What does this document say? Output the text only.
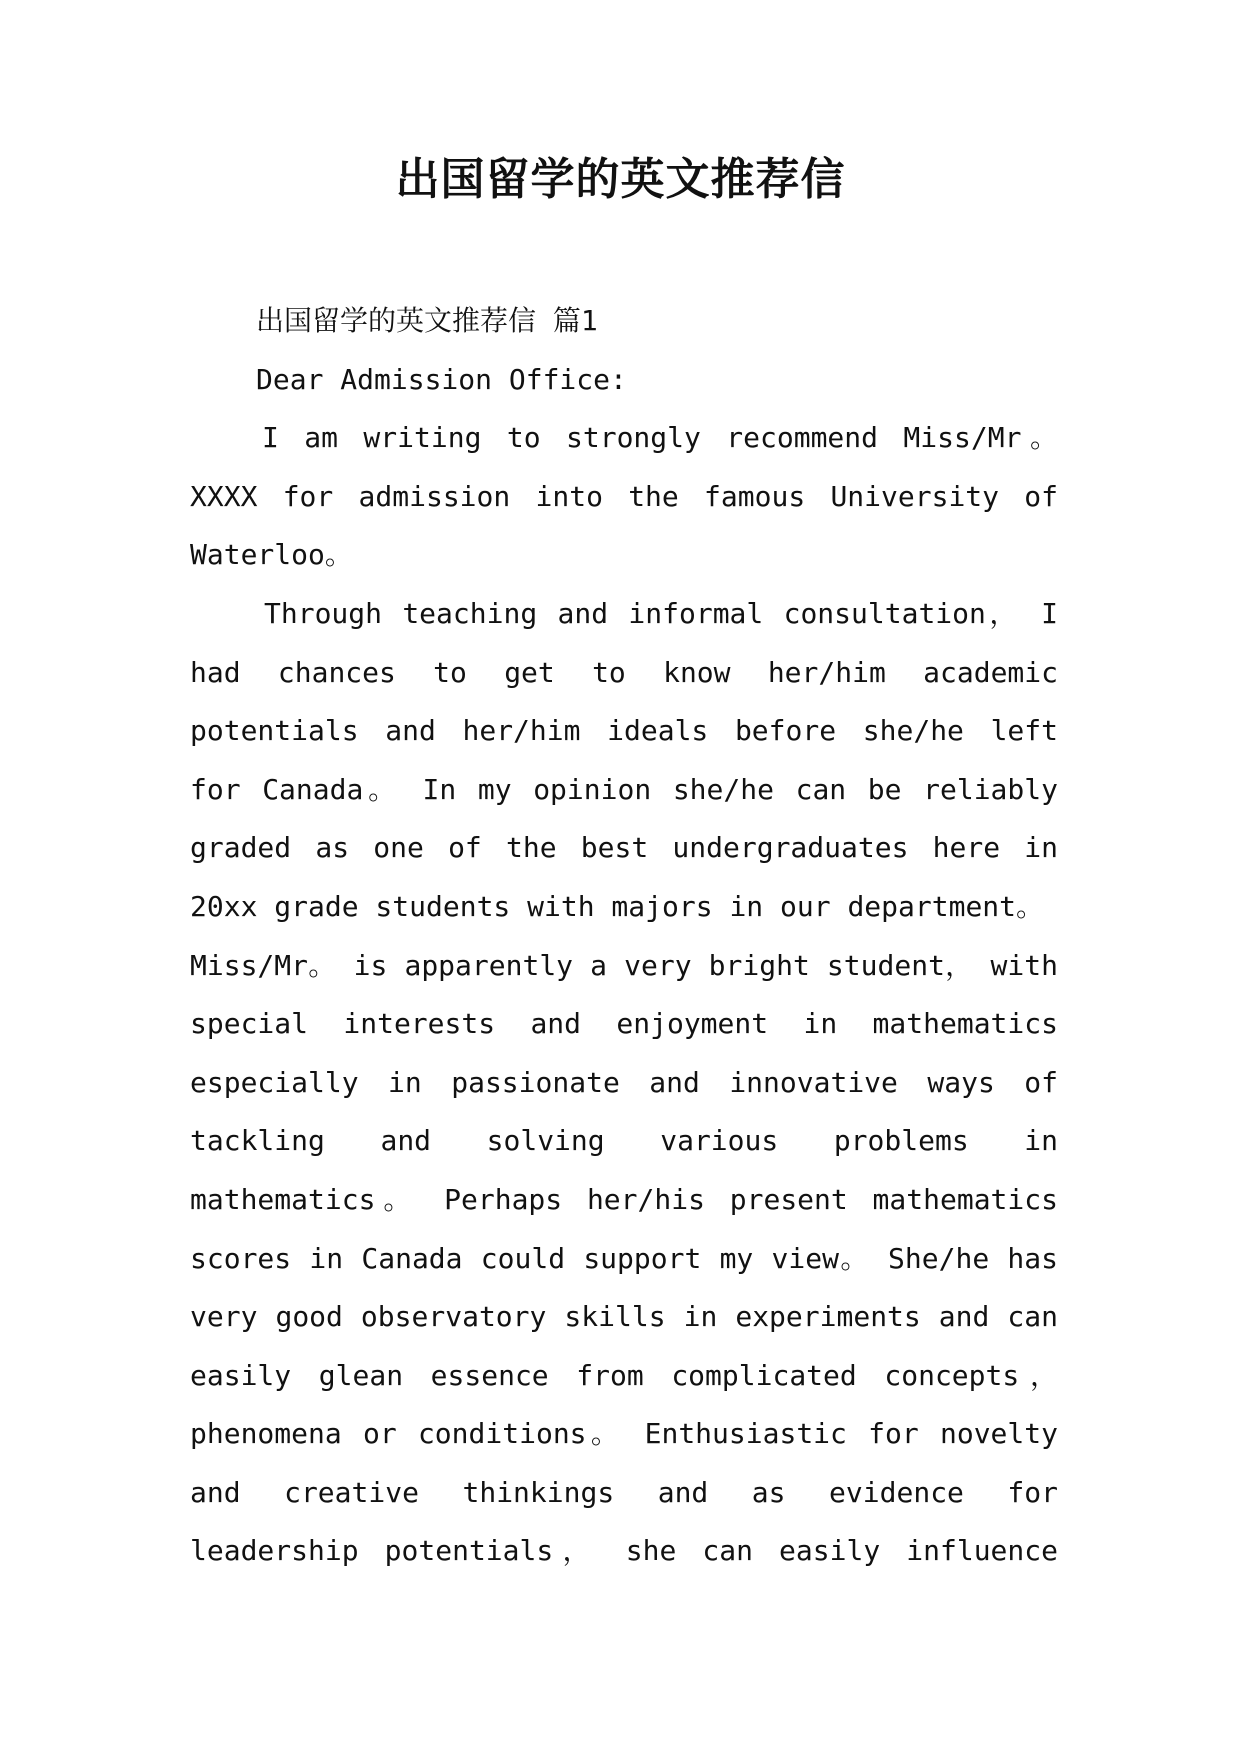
出国留学的英文推荐信
出国留学的英文推荐信 篇1
Dear Admission Office:
I am writing to strongly recommend Miss/Mr。
XXXX for admission into the famous University of
Waterloo。
Through teaching and informal consultation， I
had chances to get to know her/him academic
potentials and her/him ideals before she/he left
for Canada。 In my opinion she/he can be reliably
graded as one of the best undergraduates here in
20xx grade students with majors in our department。
Miss/Mr。 is apparently a very bright student， with
special interests and enjoyment in mathematics
especially in passionate and innovative ways of
tackling and solving various problems in
mathematics。 Perhaps her/his present mathematics
scores in Canada could support my view。 She/he has
very good observatory skills in experiments and can
easily glean essence from complicated concepts，
phenomena or conditions。 Enthusiastic for novelty
and creative thinkings and as evidence for
leadership potentials， she can easily influence
